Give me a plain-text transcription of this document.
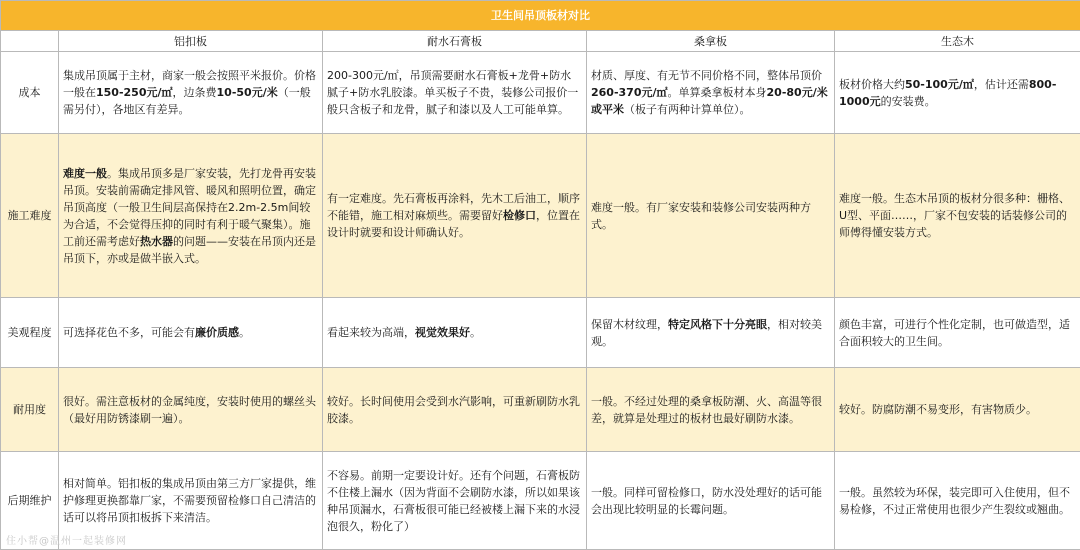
卫生间吊顶板材对比				
	铝扣板	耐水石膏板	桑拿板	生态木
成本	集成吊顶属于主材，商家一般会按照平米报价。价格一般在150-250元/㎡，边条费10-50元/米（一般需另付），各地区有差异。	200-300元/㎡，吊顶需要耐水石膏板+龙骨+防水腻子+防水乳胶漆。单买板子不贵，装修公司报价一般只含板子和龙骨，腻子和漆以及人工可能单算。	材质、厚度、有无节不同价格不同，整体吊顶价260-370元/㎡。单算桑拿板材本身20-80元/米或平米（板子有两种计算单位）。	板材价格大约50-100元/㎡，估计还需800-1000元的安装费。
施工难度	难度一般。集成吊顶多是厂家安装，先打龙骨再安装吊顶。安装前需确定排风管、暖风和照明位置，确定吊顶高度（一般卫生间层高保持在2.2m-2.5m间较为合适，不会觉得压抑的同时有利于暖气聚集）。施工前还需考虑好热水器的问题——安装在吊顶内还是吊顶下，亦或是做半嵌入式。	有一定难度。先石膏板再涂料，先木工后油工，顺序不能错，施工相对麻烦些。需要留好检修口，位置在设计时就要和设计师确认好。	难度一般。有厂家安装和装修公司安装两种方式。	难度一般。生态木吊顶的板材分很多种：栅格、U型、平面……，厂家不包安装的话装修公司的师傅得懂安装方式。
美观程度	可选择花色不多，可能会有廉价质感。	看起来较为高端，视觉效果好。	保留木材纹理，特定风格下十分亮眼，相对较美观。	颜色丰富，可进行个性化定制，也可做造型，适合面积较大的卫生间。
耐用度	很好。需注意板材的金属纯度，安装时使用的螺丝头（最好用防锈漆刷一遍）。	较好。长时间使用会受到水汽影响，可重新刷防水乳胶漆。	一般。不经过处理的桑拿板防潮、火、高温等很差，就算是处理过的板材也最好刷防水漆。	较好。防腐防潮不易变形，有害物质少。
后期维护	相对简单。铝扣板的集成吊顶由第三方厂家提供，维护修理更换都靠厂家，不需要预留检修口自己清洁的话可以将吊顶扣板拆下来清洁。	不容易。前期一定要设计好。还有个问题，石膏板防不住楼上漏水（因为背面不会刷防水漆，所以如果该种吊顶漏水，石膏板很可能已经被楼上漏下来的水浸泡很久，粉化了）	一般。同样可留检修口，防水没处理好的话可能会出现比较明显的长霉问题。	一般。虽然较为环保，装完即可入住使用，但不易检修，不过正常使用也很少产生裂纹或翘曲。
住小帮@温州一起装修网
